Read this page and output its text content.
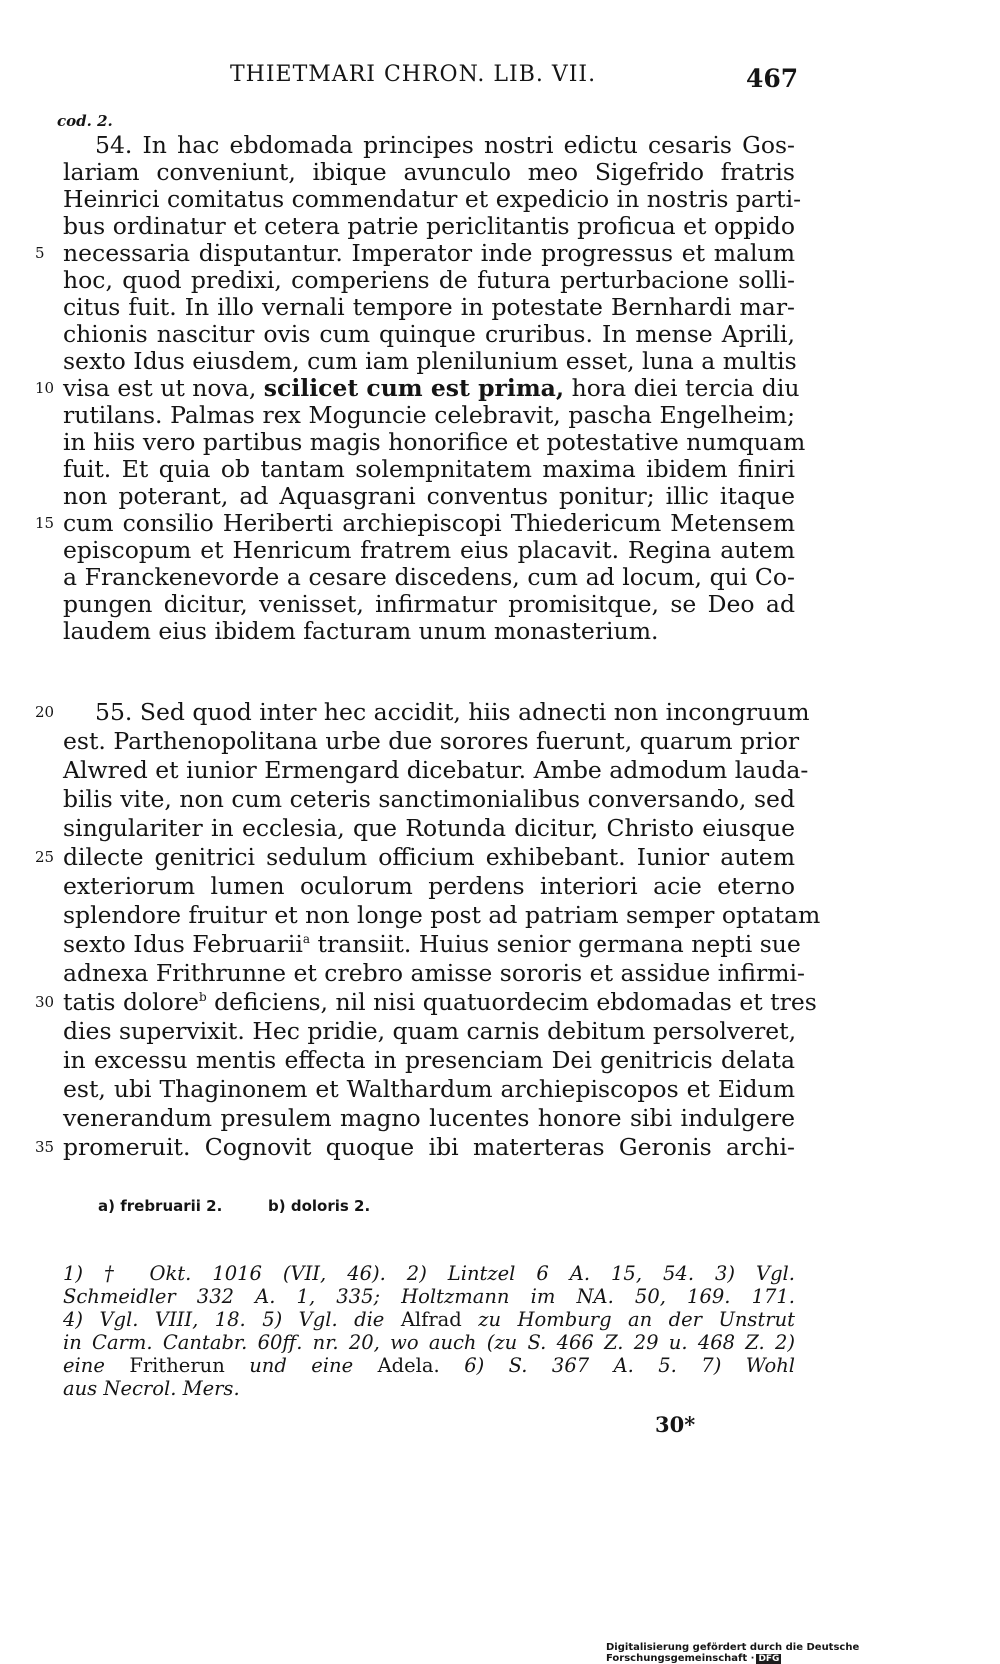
THIETMARI CHRON. LIB. VII.	467
cod. 2.
54. In hac ebdomada principes nostri edictu cesaris Gos-
lariam conveniunt, ibique avunculo meo Sigefrido fratris
Heinrici comitatus commendatur et expedicio in nostris parti-
bus ordinatur et cetera patrie periclitantis proficua et oppido
necessaria disputantur. Imperator inde progressus et malum
hoc, quod predixi, comperiens de futura perturbacione solli-
citus fuit. In illo vernali tempore in potestate Bernhardi mar-
chionis nascitur ovis cum quinque cruribus. In mense Aprili,
sexto Idus eiusdem, cum iam plenilunium esset, luna a multis
visa est ut nova, scilicet cum est prima, hora diei tercia diu
rutilans. Palmas rex Moguncie celebravit, pascha Engelheim;
in hiis vero partibus magis honorifice et potestative numquam
fuit. Et quia ob tantam solempnitatem maxima ibidem finiri
non poterant, ad Aquasgrani conventus ponitur; illic itaque
cum consilio Heriberti archiepiscopi Thiedericum Metensem
episcopum et Henricum fratrem eius placavit. Regina autem
a Franckenevorde a cesare discedens, cum ad locum, qui Co-
pungen dicitur, venisset, infirmatur promisitque, se Deo ad
laudem eius ibidem facturam unum monasterium.
55. Sed quod inter hec accidit, hiis adnecti non incongruum
est. Parthenopolitana urbe due sorores fuerunt, quarum prior
Alwred et iunior Ermengard dicebatur. Ambe admodum lauda-
bilis vite, non cum ceteris sanctimonialibus conversando, sed
singulariter in ecclesia, que Rotunda dicitur, Christo eiusque
dilecte genitrici sedulum officium exhibebant. Iunior autem
exteriorum lumen oculorum perdens interiori acie eterno
splendore fruitur et non longe post ad patriam semper optatam
sexto Idus Februarii$^a$ transiit. Huius senior germana nepti sue
adnexa Frithrunne et crebro amisse sororis et assidue infirmi-
tatis dolore$^b$ deficiens, nil nisi quatuordecim ebdomadas et tres
dies supervixit. Hec pridie, quam carnis debitum persolveret,
in excessu mentis effecta in presenciam Dei genitricis delata
est, ubi Thaginonem et Walthardum archiepiscopos et Eidum
venerandum presulem magno lucentes honore sibi indulgere
promeruit. Cognovit quoque ibi materteras Geronis archi-
5
10
15
20
25
30
35
a) frebruarii 2.	b) doloris 2.
1) † Okt. 1016 (VII, 46). 2) Lintzel 6 A. 15, 54. 3) Vgl.
Schmeidler 332 A. 1, 335; Holtzmann im NA. 50, 169. 171.
4) Vgl. VIII, 18. 5) Vgl. die Alfrad zu Homburg an der Unstrut
in Carm. Cantabr. 60ff. nr. 20, wo auch (zu S. 466 Z. 29 u. 468 Z. 2)
eine Fritherun und eine Adela. 6) S. 367 A. 5. 7) Wohl
aus Necrol. Mers.
30*
Digitalisierung gefördert durch die Deutsche Forschungsgemeinschaft · DFG
